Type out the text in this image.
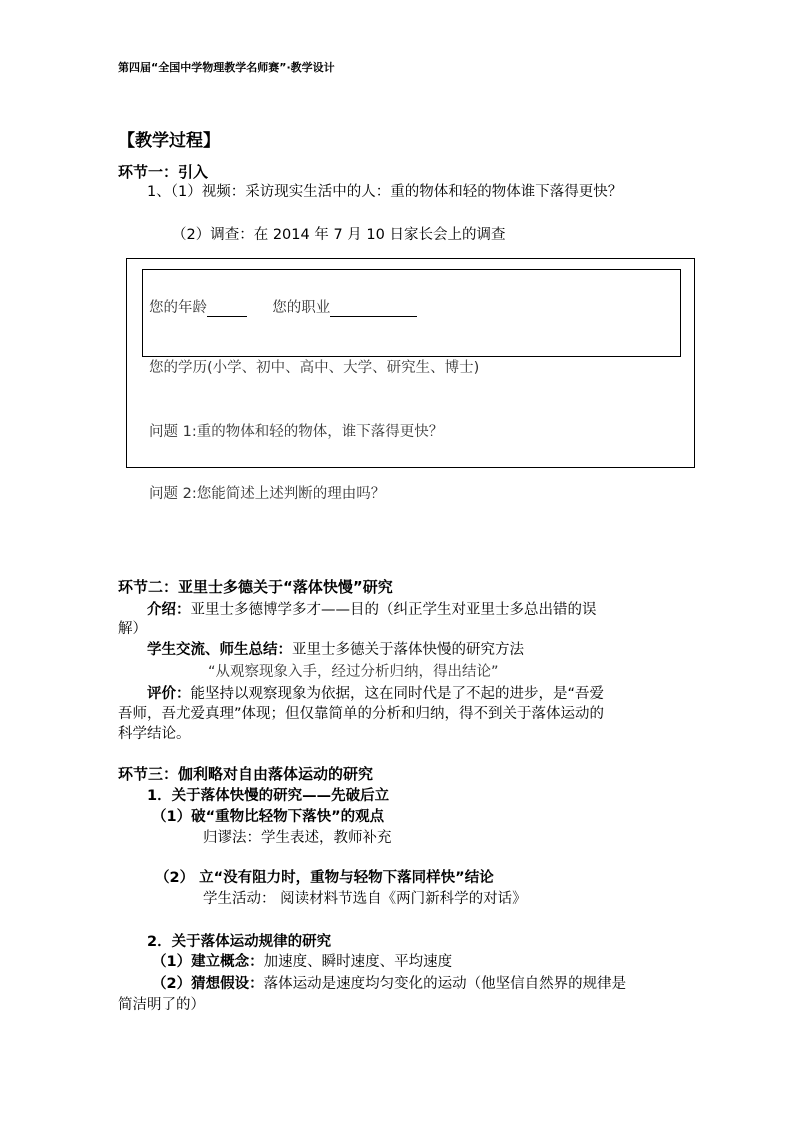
第四届“全国中学物理教学名师赛”·教学设计
【教学过程】
环节一：引入
1、（1）视频：采访现实生活中的人：重的物体和轻的物体谁下落得更快？
（2）调查：在 2014 年 7 月 10 日家长会上的调查
您的年龄	您的职业
您的学历(小学、初中、高中、大学、研究生、博士)
问题 1:重的物体和轻的物体，谁下落得更快？
问题 2:您能简述上述判断的理由吗？
环节二：亚里士多德关于“落体快慢”研究
介绍：亚里士多德博学多才——目的（纠正学生对亚里士多总出错的误
解）
学生交流、师生总结：亚里士多德关于落体快慢的研究方法
“从观察现象入手，经过分析归纳，得出结论”
评价：能坚持以观察现象为依据，这在同时代是了不起的进步，是“吾爱
吾师，吾尤爱真理”体现；但仅靠简单的分析和归纳，得不到关于落体运动的
科学结论。
环节三：伽利略对自由落体运动的研究
1．关于落体快慢的研究——先破后立
（1）破“重物比轻物下落快”的观点
归谬法：学生表述，教师补充
（2） 立“没有阻力时，重物与轻物下落同样快”结论
学生活动： 阅读材料节选自《两门新科学的对话》
2．关于落体运动规律的研究
（1）建立概念：加速度、瞬时速度、平均速度
（2）猜想假设：落体运动是速度均匀变化的运动（他坚信自然界的规律是
简洁明了的）
